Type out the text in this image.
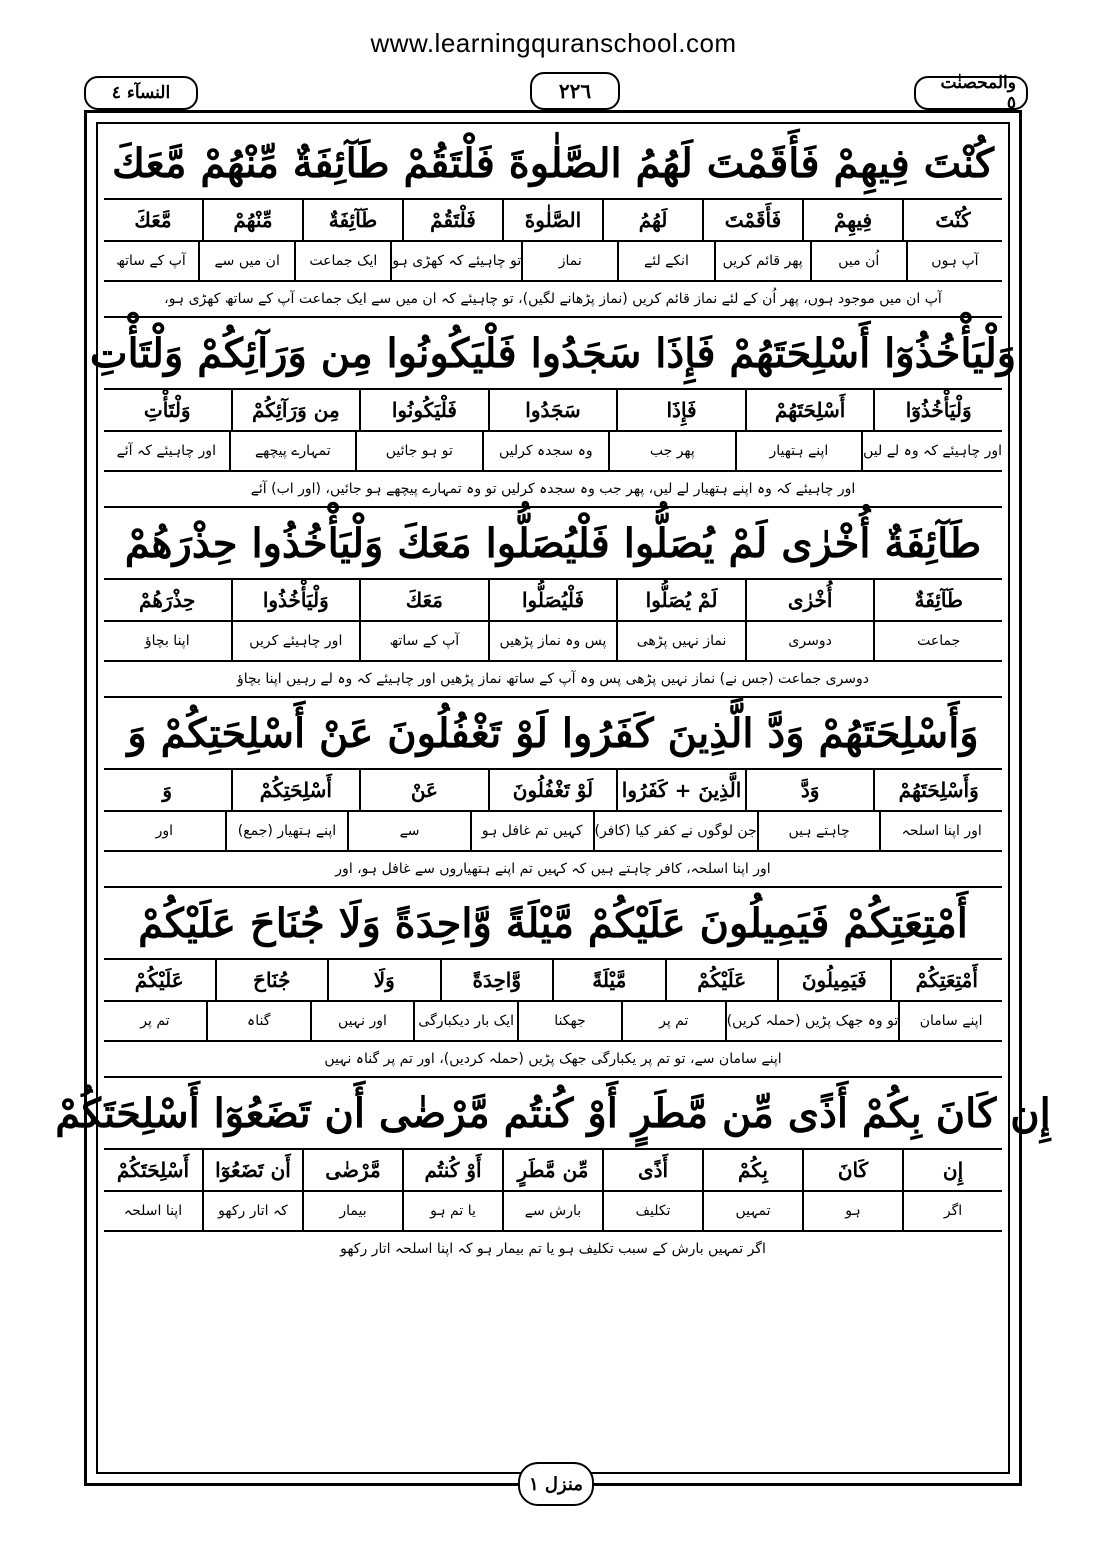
www.learningquranschool.com
النسآء ٤	٢٢٦	والمحصنٰت ٥
كُنْتَ فِيهِمْ فَأَقَمْتَ لَهُمُ الصَّلٰوةَ فَلْتَقُمْ طَآئِفَةٌ مِّنْهُمْ مَّعَكَ
كُنْتَ
فِيهِمْ
فَأَقَمْتَ
لَهُمُ
الصَّلٰوةَ
فَلْتَقُمْ
طَآئِفَةٌ
مِّنْهُمْ
مَّعَكَ
آپ ہوں
اُن میں
پھر قائم کریں
انکے لئے
نماز
تو چاہیئے کہ کھڑی ہو
ایک جماعت
ان میں سے
آپ کے ساتھ
آپ ان میں موجود ہوں، پھر اُن کے لئے نماز قائم کریں (نماز پڑھانے لگیں)، تو چاہیئے کہ ان میں سے ایک جماعت آپ کے ساتھ کھڑی ہو،
وَلْيَأْخُذُوٓا أَسْلِحَتَهُمْ فَإِذَا سَجَدُوا فَلْيَكُونُوا مِن وَرَآئِكُمْ وَلْتَأْتِ
وَلْيَأْخُذُوٓا
أَسْلِحَتَهُمْ
فَإِذَا
سَجَدُوا
فَلْيَكُونُوا
مِن وَرَآئِكُمْ
وَلْتَأْتِ
اور چاہیئے کہ وہ لے لیں
اپنے ہتھیار
پھر جب
وہ سجدہ کرلیں
تو ہو جائیں
تمہارے پیچھے
اور چاہیئے کہ آئے
اور چاہیئے کہ وہ اپنے ہتھیار لے لیں، پھر جب وہ سجدہ کرلیں تو وہ تمہارے پیچھے ہو جائیں، (اور اب) آئے
طَآئِفَةٌ أُخْرٰى لَمْ يُصَلُّوا فَلْيُصَلُّوا مَعَكَ وَلْيَأْخُذُوا حِذْرَهُمْ
طَآئِفَةٌ
أُخْرٰى
لَمْ يُصَلُّوا
فَلْيُصَلُّوا
مَعَكَ
وَلْيَأْخُذُوا
حِذْرَهُمْ
جماعت
دوسری
نماز نہیں پڑھی
پس وہ نماز پڑھیں
آپ کے ساتھ
اور چاہیئے کریں
اپنا بچاؤ
دوسری جماعت (جس نے) نماز نہیں پڑھی پس وہ آپ کے ساتھ نماز پڑھیں اور چاہیئے کہ وہ لے رہیں اپنا بچاؤ
وَأَسْلِحَتَهُمْ وَدَّ الَّذِينَ كَفَرُوا لَوْ تَغْفُلُونَ عَنْ أَسْلِحَتِكُمْ وَ
وَأَسْلِحَتَهُمْ
وَدَّ
الَّذِينَ + كَفَرُوا
لَوْ تَغْفُلُونَ
عَنْ
أَسْلِحَتِكُمْ
وَ
اور اپنا اسلحہ
چاہتے ہیں
جن لوگوں نے کفر کیا (کافر)
کہیں تم غافل ہو
سے
اپنے ہتھیار (جمع)
اور
اور اپنا اسلحہ، کافر چاہتے ہیں کہ کہیں تم اپنے ہتھیاروں سے غافل ہو، اور
أَمْتِعَتِكُمْ فَيَمِيلُونَ عَلَيْكُمْ مَّيْلَةً وَّاحِدَةً وَلَا جُنَاحَ عَلَيْكُمْ
أَمْتِعَتِكُمْ
فَيَمِيلُونَ
عَلَيْكُمْ
مَّيْلَةً
وَّاحِدَةً
وَلَا
جُنَاحَ
عَلَيْكُمْ
اپنے سامان
تو وہ جھک پڑیں (حملہ کریں)
تم پر
جھکنا
ایک بار دیکبارگی
اور نہیں
گناہ
تم پر
اپنے سامان سے، تو تم پر یکبارگی جھک پڑیں (حملہ کردیں)، اور تم پر گناہ نہیں
إِن كَانَ بِكُمْ أَذًى مِّن مَّطَرٍ أَوْ كُنتُم مَّرْضٰى أَن تَضَعُوٓا أَسْلِحَتَكُمْ
إِن
كَانَ
بِكُمْ
أَذًى
مِّن مَّطَرٍ
أَوْ كُنتُم
مَّرْضٰى
أَن تَضَعُوٓا
أَسْلِحَتَكُمْ
اگر
ہو
تمہیں
تکلیف
بارش سے
یا تم ہو
بیمار
کہ اتار رکھو
اپنا اسلحہ
اگر تمہیں بارش کے سبب تکلیف ہو یا تم بیمار ہو کہ اپنا اسلحہ اتار رکھو
منزل ١
